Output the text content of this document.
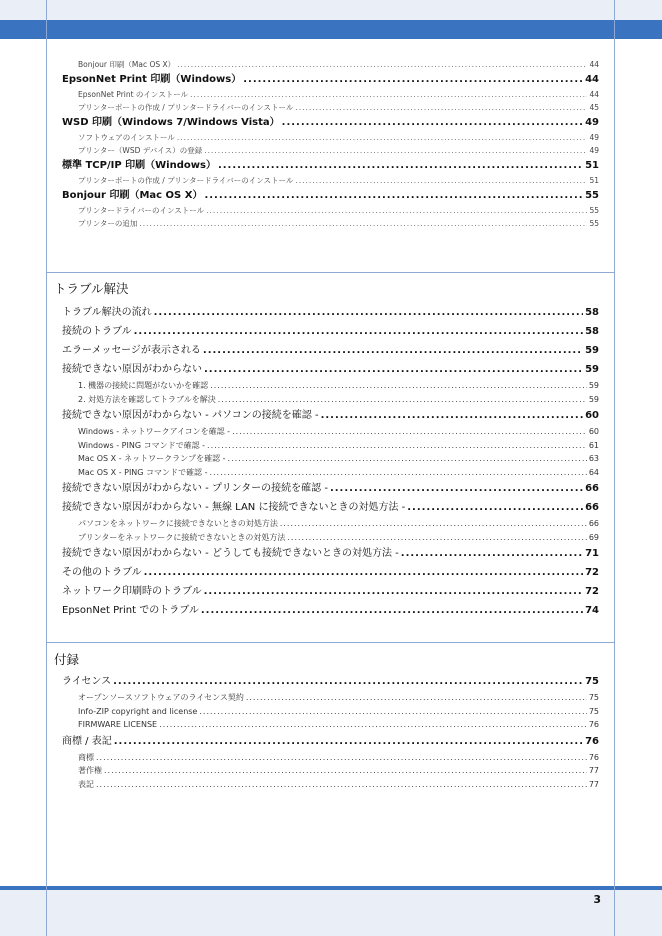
Bonjour 印刷（Mac OS X） .....	44
EpsonNet Print 印刷（Windows） .....	44
EpsonNet Print のインストール .....	44
プリンターポートの作成 / プリンタードライバーのインストール .....	45
WSD 印刷（Windows 7/Windows Vista） .....	49
ソフトウェアのインストール .....	49
プリンター（WSD デバイス）の登録 .....	49
標準 TCP/IP 印刷（Windows） .....	51
プリンターポートの作成 / プリンタードライバーのインストール .....	51
Bonjour 印刷（Mac OS X） .....	55
プリンタードライバーのインストール .....	55
プリンターの追加 .....	55
トラブル解決
トラブル解決の流れ .....	58
接続のトラブル .....	58
エラーメッセージが表示される .....	59
接続できない原因がわからない .....	59
1. 機器の接続に問題がないかを確認 .....	59
2. 対処方法を確認してトラブルを解決 .....	59
接続できない原因がわからない - パソコンの接続を確認 - .....	60
Windows - ネットワークアイコンを確認 - .....	60
Windows - PING コマンドで確認 - .....	61
Mac OS X - ネットワークランプを確認 - .....	63
Mac OS X - PING コマンドで確認 - .....	64
接続できない原因がわからない - プリンターの接続を確認 - .....	66
接続できない原因がわからない - 無線 LAN に接続できないときの対処方法 - .....	66
パソコンをネットワークに接続できないときの対処方法 .....	66
プリンターをネットワークに接続できないときの対処方法 .....	69
接続できない原因がわからない - どうしても接続できないときの対処方法 - .....	71
その他のトラブル .....	72
ネットワーク印刷時のトラブル .....	72
EpsonNet Print でのトラブル .....	74
付録
ライセンス .....	75
オープンソースソフトウェアのライセンス契約 .....	75
Info-ZIP copyright and license .....	75
FIRMWARE LICENSE .....	76
商標 / 表記 .....	76
商標 .....	76
著作権 .....	77
表記 .....	77
3
